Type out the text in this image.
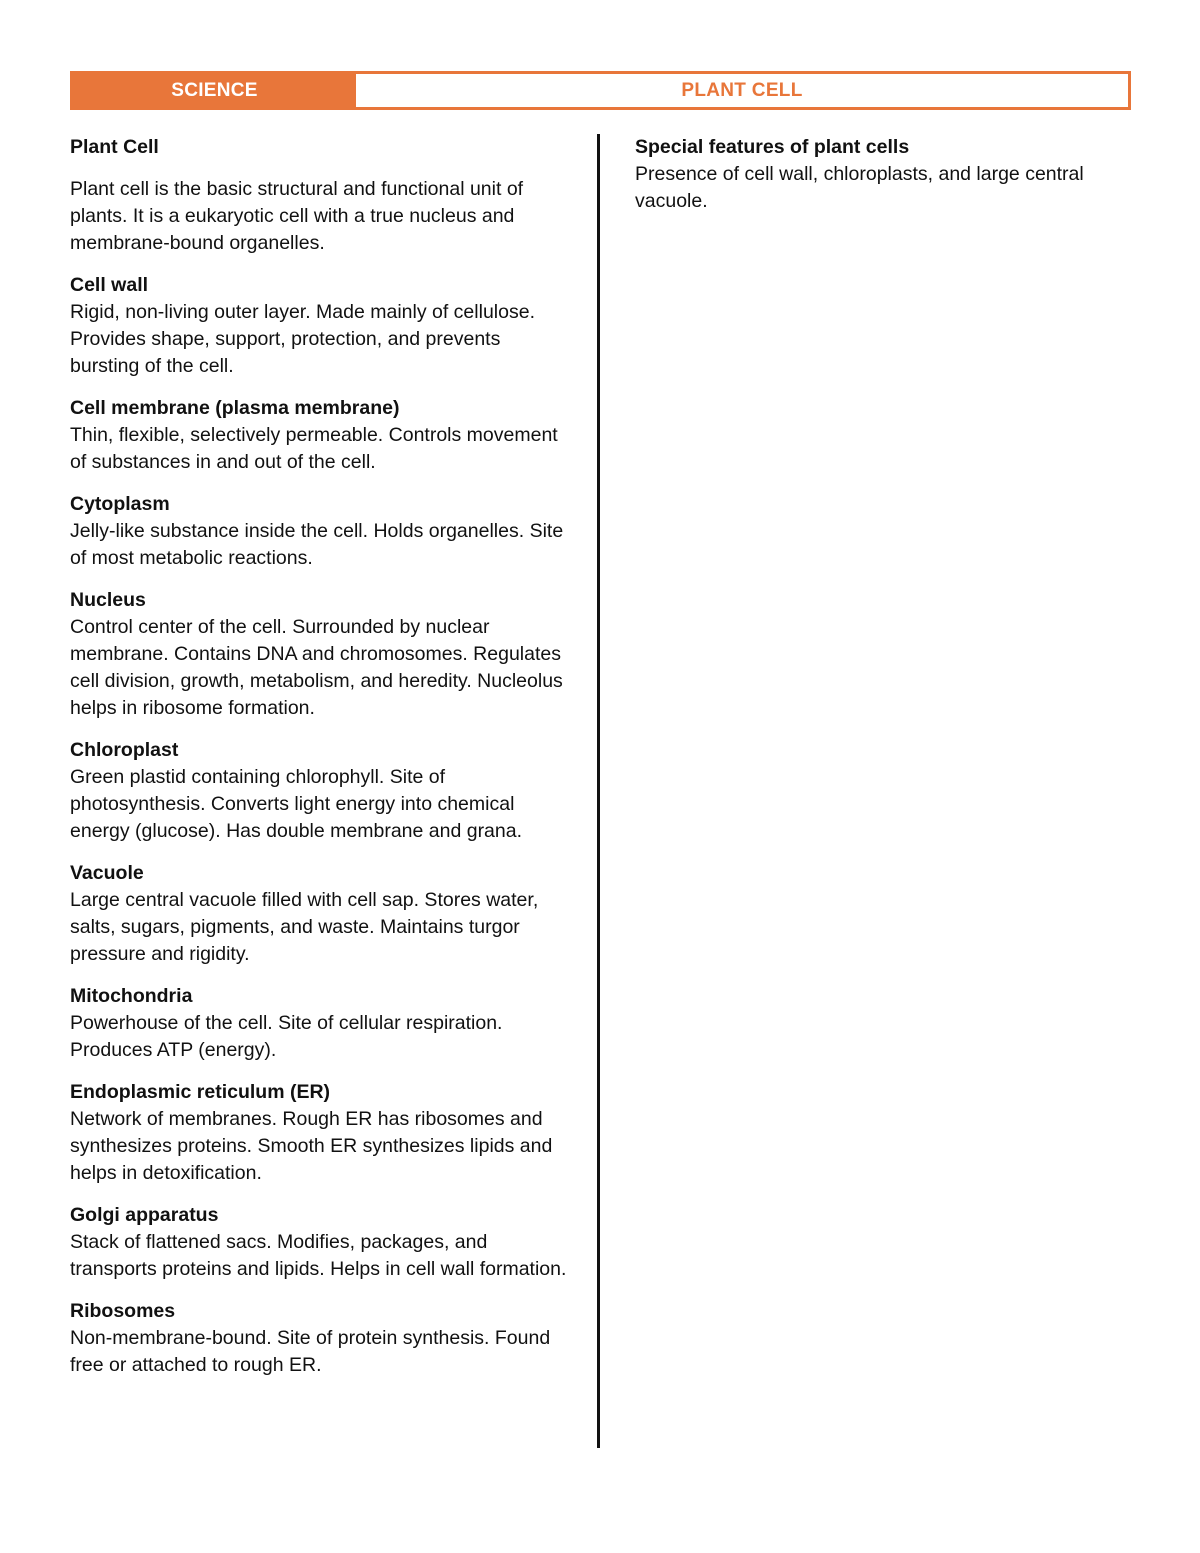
SCIENCE	PLANT CELL
Plant Cell

Plant cell is the basic structural and functional unit of plants. It is a eukaryotic cell with a true nucleus and membrane-bound organelles.

Cell wall

Rigid, non-living outer layer. Made mainly of cellulose. Provides shape, support, protection, and prevents bursting of the cell.

Cell membrane (plasma membrane)

Thin, flexible, selectively permeable. Controls movement of substances in and out of the cell.

Cytoplasm

Jelly-like substance inside the cell. Holds organelles. Site of most metabolic reactions.

Nucleus

Control center of the cell. Surrounded by nuclear membrane. Contains DNA and chromosomes. Regulates cell division, growth, metabolism, and heredity. Nucleolus helps in ribosome formation.

Chloroplast

Green plastid containing chlorophyll. Site of photosynthesis. Converts light energy into chemical energy (glucose). Has double membrane and grana.

Vacuole

Large central vacuole filled with cell sap. Stores water, salts, sugars, pigments, and waste. Maintains turgor pressure and rigidity.

Mitochondria

Powerhouse of the cell. Site of cellular respiration. Produces ATP (energy).

Endoplasmic reticulum (ER)

Network of membranes. Rough ER has ribosomes and synthesizes proteins. Smooth ER synthesizes lipids and helps in detoxification.

Golgi apparatus

Stack of flattened sacs. Modifies, packages, and transports proteins and lipids. Helps in cell wall formation.

Ribosomes

Non-membrane-bound. Site of protein synthesis. Found free or attached to rough ER.

Special features of plant cells

Presence of cell wall, chloroplasts, and large central vacuole.
